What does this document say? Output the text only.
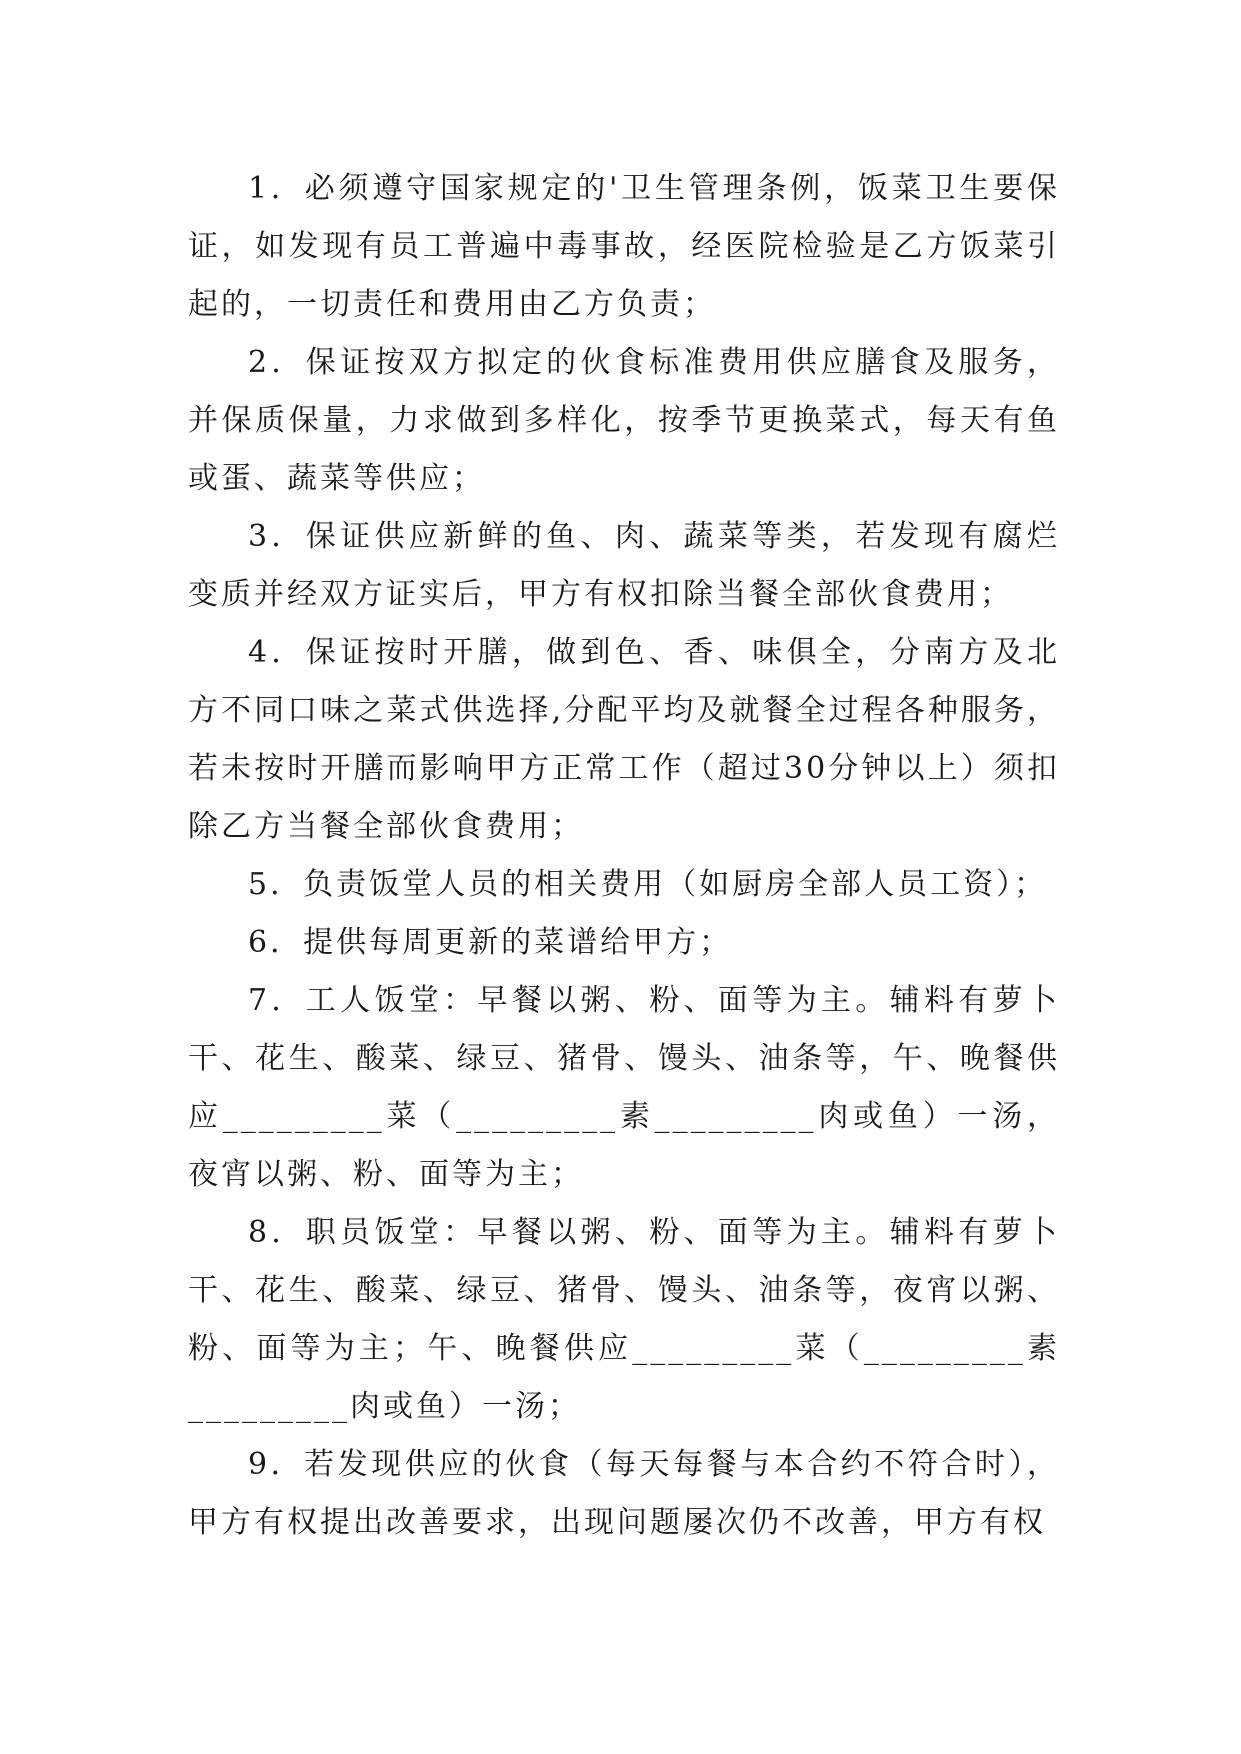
1．必须遵守国家规定的'卫生管理条例，饭菜卫生要保证，如发现有员工普遍中毒事故，经医院检验是乙方饭菜引起的，一切责任和费用由乙方负责；

2．保证按双方拟定的伙食标准费用供应膳食及服务，并保质保量，力求做到多样化，按季节更换菜式，每天有鱼或蛋、蔬菜等供应；

3．保证供应新鲜的鱼、肉、蔬菜等类，若发现有腐烂变质并经双方证实后，甲方有权扣除当餐全部伙食费用；

4．保证按时开膳，做到色、香、味俱全，分南方及北方不同口味之菜式供选择,分配平均及就餐全过程各种服务，若未按时开膳而影响甲方正常工作（超过30分钟以上）须扣除乙方当餐全部伙食费用；

5．负责饭堂人员的相关费用（如厨房全部人员工资）；

6．提供每周更新的菜谱给甲方；

7．工人饭堂：早餐以粥、粉、面等为主。辅料有萝卜干、花生、酸菜、绿豆、猪骨、馒头、油条等，午、晚餐供应_________菜（_________素_________肉或鱼）一汤，夜宵以粥、粉、面等为主；

8．职员饭堂：早餐以粥、粉、面等为主。辅料有萝卜干、花生、酸菜、绿豆、猪骨、馒头、油条等，夜宵以粥、粉、面等为主；午、晚餐供应_________菜（_________素_________肉或鱼）一汤；

9．若发现供应的伙食（每天每餐与本合约不符合时），甲方有权提出改善要求，出现问题屡次仍不改善，甲方有权
